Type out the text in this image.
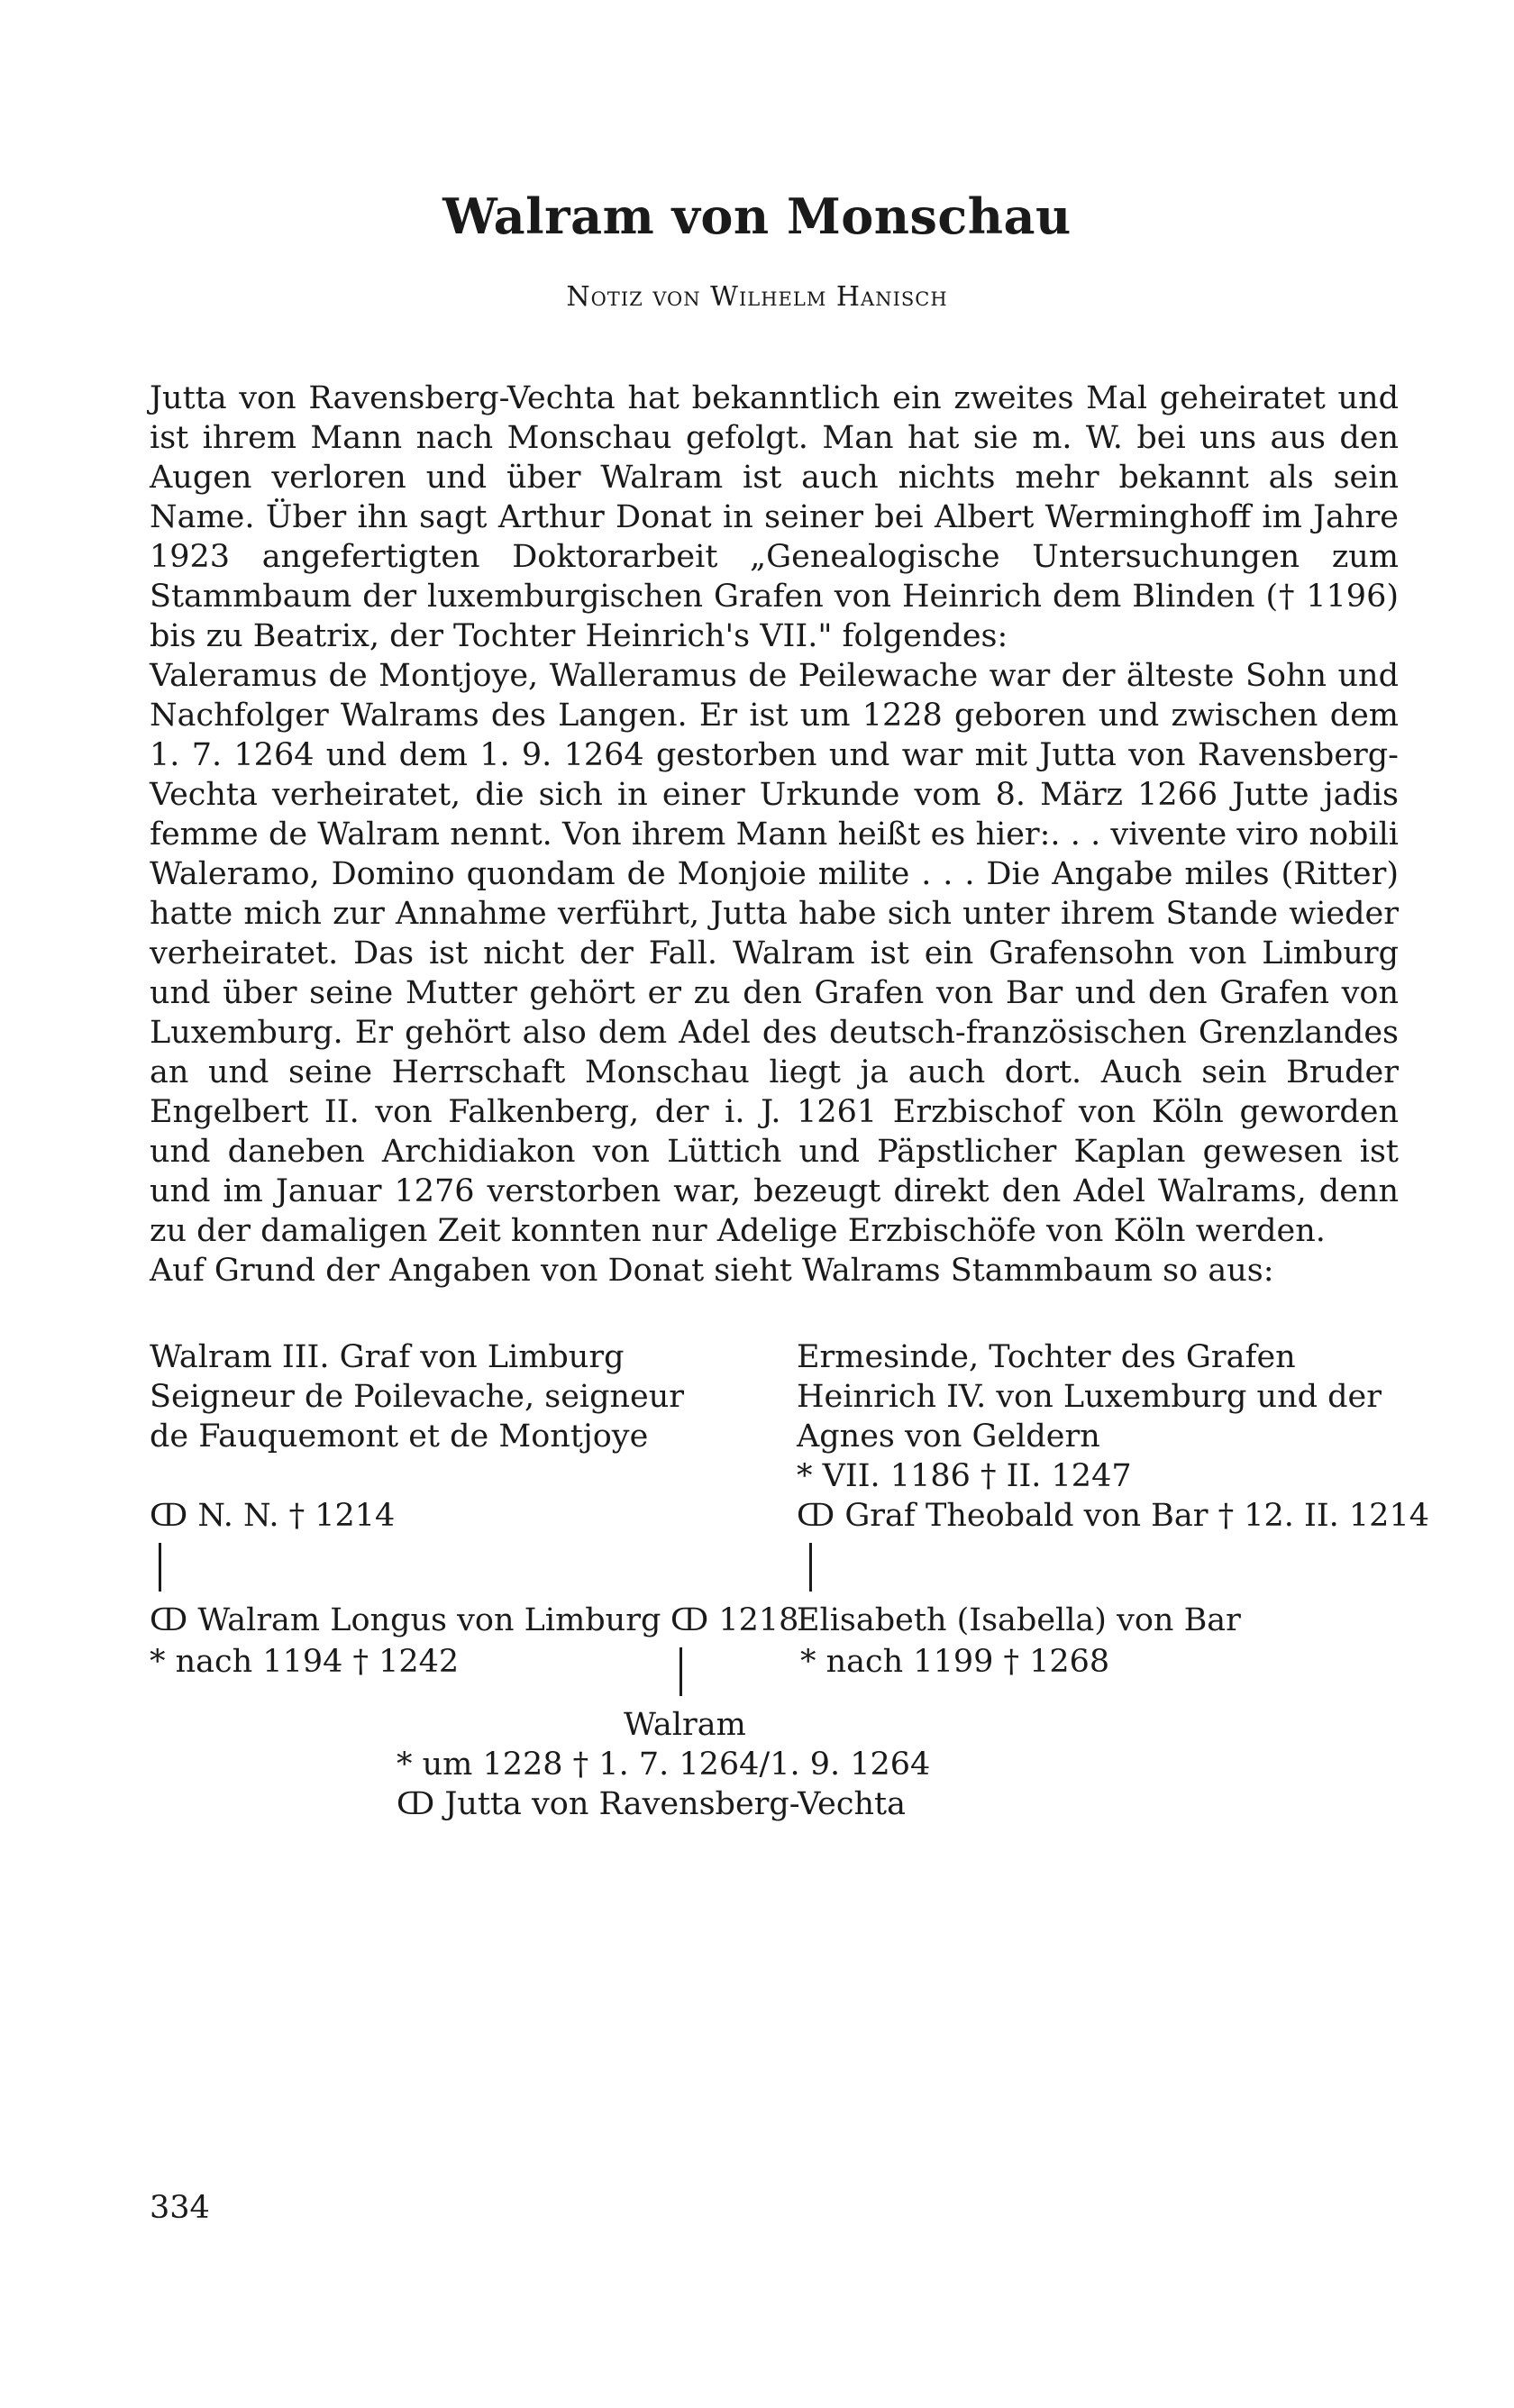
Walram von Monschau
Notiz von Wilhelm Hanisch

Jutta von Ravensberg-Vechta hat bekanntlich ein zweites Mal geheiratet und ist ihrem Mann nach Monschau gefolgt. Man hat sie m. W. bei uns aus den Augen verloren und über Walram ist auch nichts mehr bekannt als sein Name. Über ihn sagt Arthur Donat in seiner bei Albert Werminghoff im Jahre 1923 angefertigten Doktorarbeit „Genealogische Untersuchungen zum Stammbaum der luxemburgischen Grafen von Heinrich dem Blinden († 1196) bis zu Beatrix, der Tochter Heinrich's VII." folgendes:

Valeramus de Montjoye, Walleramus de Peilewache war der älteste Sohn und Nachfolger Walrams des Langen. Er ist um 1228 geboren und zwischen dem 1. 7. 1264 und dem 1. 9. 1264 gestorben und war mit Jutta von Ravensberg-Vechta verheiratet, die sich in einer Urkunde vom 8. März 1266 Jutte jadis femme de Walram nennt. Von ihrem Mann heißt es hier:. . . vivente viro nobili Waleramo, Domino quondam de Monjoie milite . . . Die Angabe miles (Ritter) hatte mich zur Annahme verführt, Jutta habe sich unter ihrem Stande wieder verheiratet. Das ist nicht der Fall. Walram ist ein Grafensohn von Limburg und über seine Mutter gehört er zu den Grafen von Bar und den Grafen von Luxemburg. Er gehört also dem Adel des deutsch-französischen Grenzlandes an und seine Herrschaft Monschau liegt ja auch dort. Auch sein Bruder Engelbert II. von Falkenberg, der i. J. 1261 Erzbischof von Köln geworden und daneben Archidiakon von Lüttich und Päpstlicher Kaplan gewesen ist und im Januar 1276 verstorben war, bezeugt direkt den Adel Walrams, denn zu der damaligen Zeit konnten nur Adelige Erzbischöfe von Köln werden.

Auf Grund der Angaben von Donat sieht Walrams Stammbaum so aus:

Walram III. Graf von Limburg
Seigneur de Poilevache, seigneur
de Fauquemont et de Montjoye
ↀ N. N. † 1214
Ermesinde, Tochter des Grafen
Heinrich IV. von Luxemburg und der
Agnes von Geldern
* VII. 1186 † II. 1247
ↀ Graf Theobald von Bar † 12. II. 1214
ↀ Walram Longus von Limburg ↀ 1218
Elisabeth (Isabella) von Bar
* nach 1194 † 1242	* nach 1199 † 1268
Walram
* um 1228 † 1. 7. 1264/1. 9. 1264
ↀ Jutta von Ravensberg-Vechta
334
